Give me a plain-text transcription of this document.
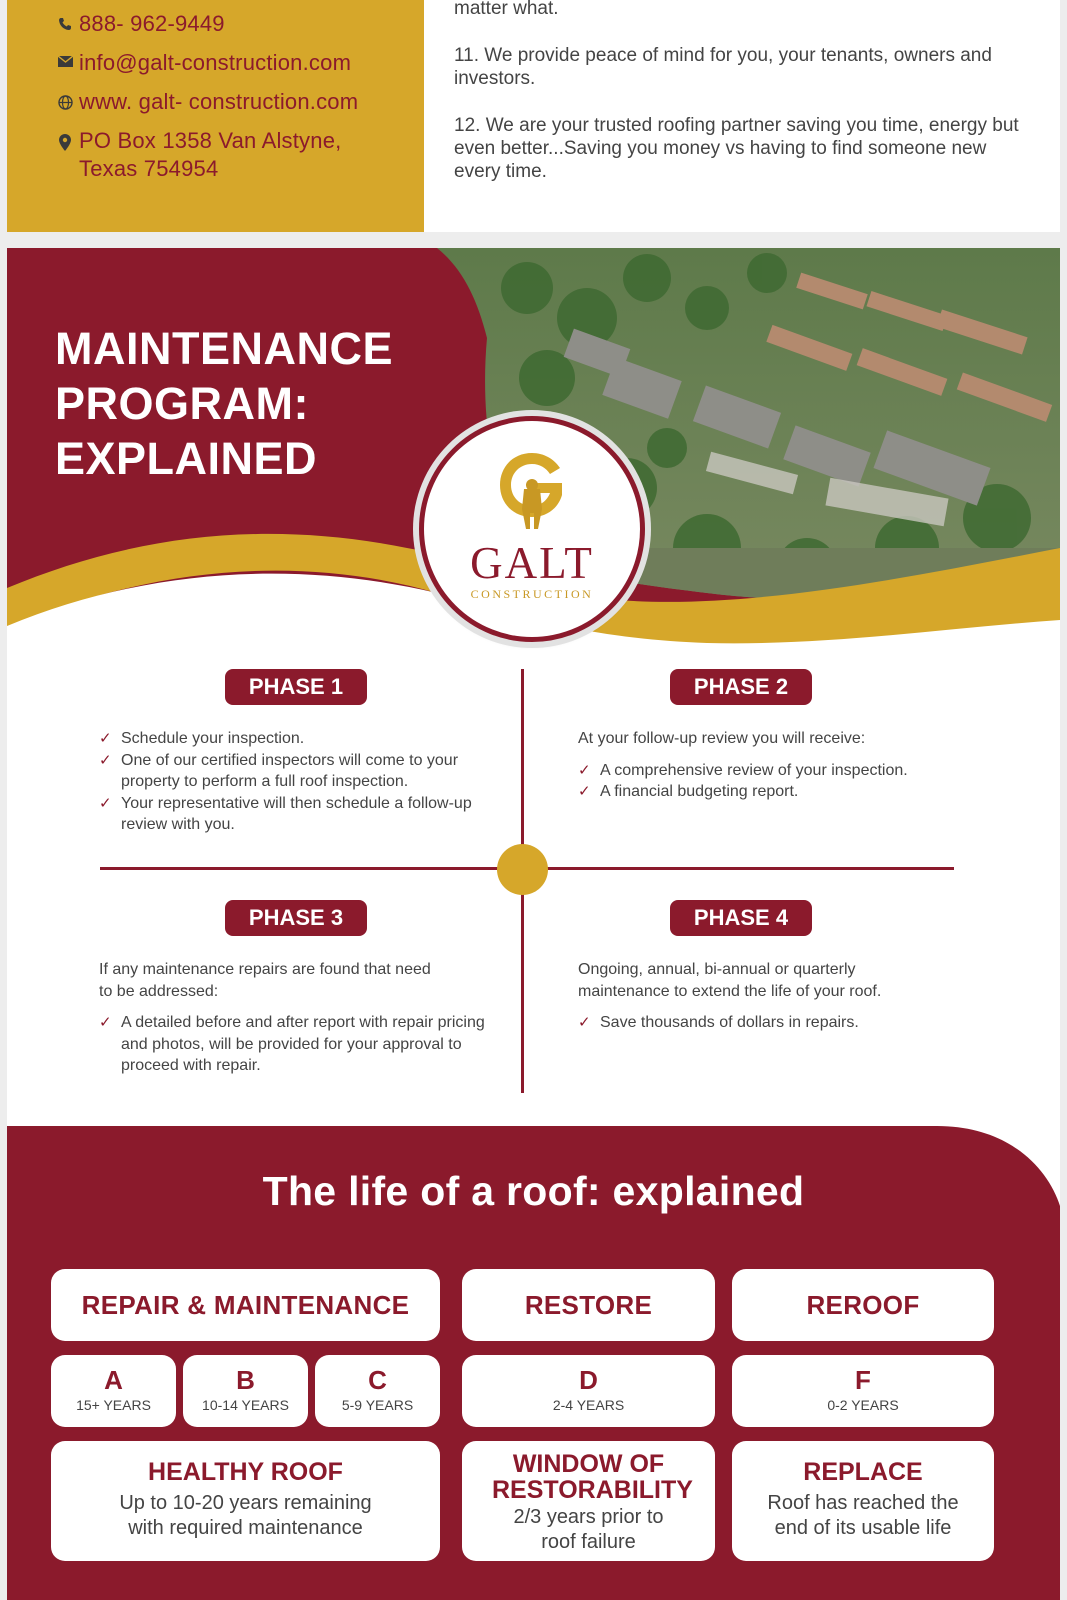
888- 962-9449
info@galt-construction.com
www. galt- construction.com
PO Box 1358 Van Alstyne,
Texas 754954

matter what.

11. We provide peace of mind for you, your tenants, owners and investors.

12. We are your trusted roofing partner saving you time, energy but even better...Saving you money vs having to find someone new every time.

MAINTENANCE
PROGRAM:
EXPLAINED
GALT
CONSTRUCTION
PHASE 1
✓ Schedule your inspection.
✓ One of our certified inspectors will come to your property to perform a full roof inspection.
✓ Your representative will then schedule a follow-up review with you.
PHASE 2
At your follow-up review you will receive:
✓ A comprehensive review of your inspection.
✓ A financial budgeting report.
PHASE 3
If any maintenance repairs are found that need to be addressed:
✓ A detailed before and after report with repair pricing and photos, will be provided for your approval to proceed with repair.
PHASE 4
Ongoing, annual, bi-annual or quarterly maintenance to extend the life of your roof.
✓ Save thousands of dollars in repairs.
The life of a roof: explained
REPAIR & MAINTENANCE	RESTORE	REROOF
A
15+ YEARS
B
10-14 YEARS
C
5-9 YEARS
D
2-4 YEARS
F
0-2 YEARS
HEALTHY ROOF
Up to 10-20 years remaining
with required maintenance
WINDOW OF RESTORABILITY
2/3 years prior to
roof failure
REPLACE
Roof has reached the
end of its usable life
